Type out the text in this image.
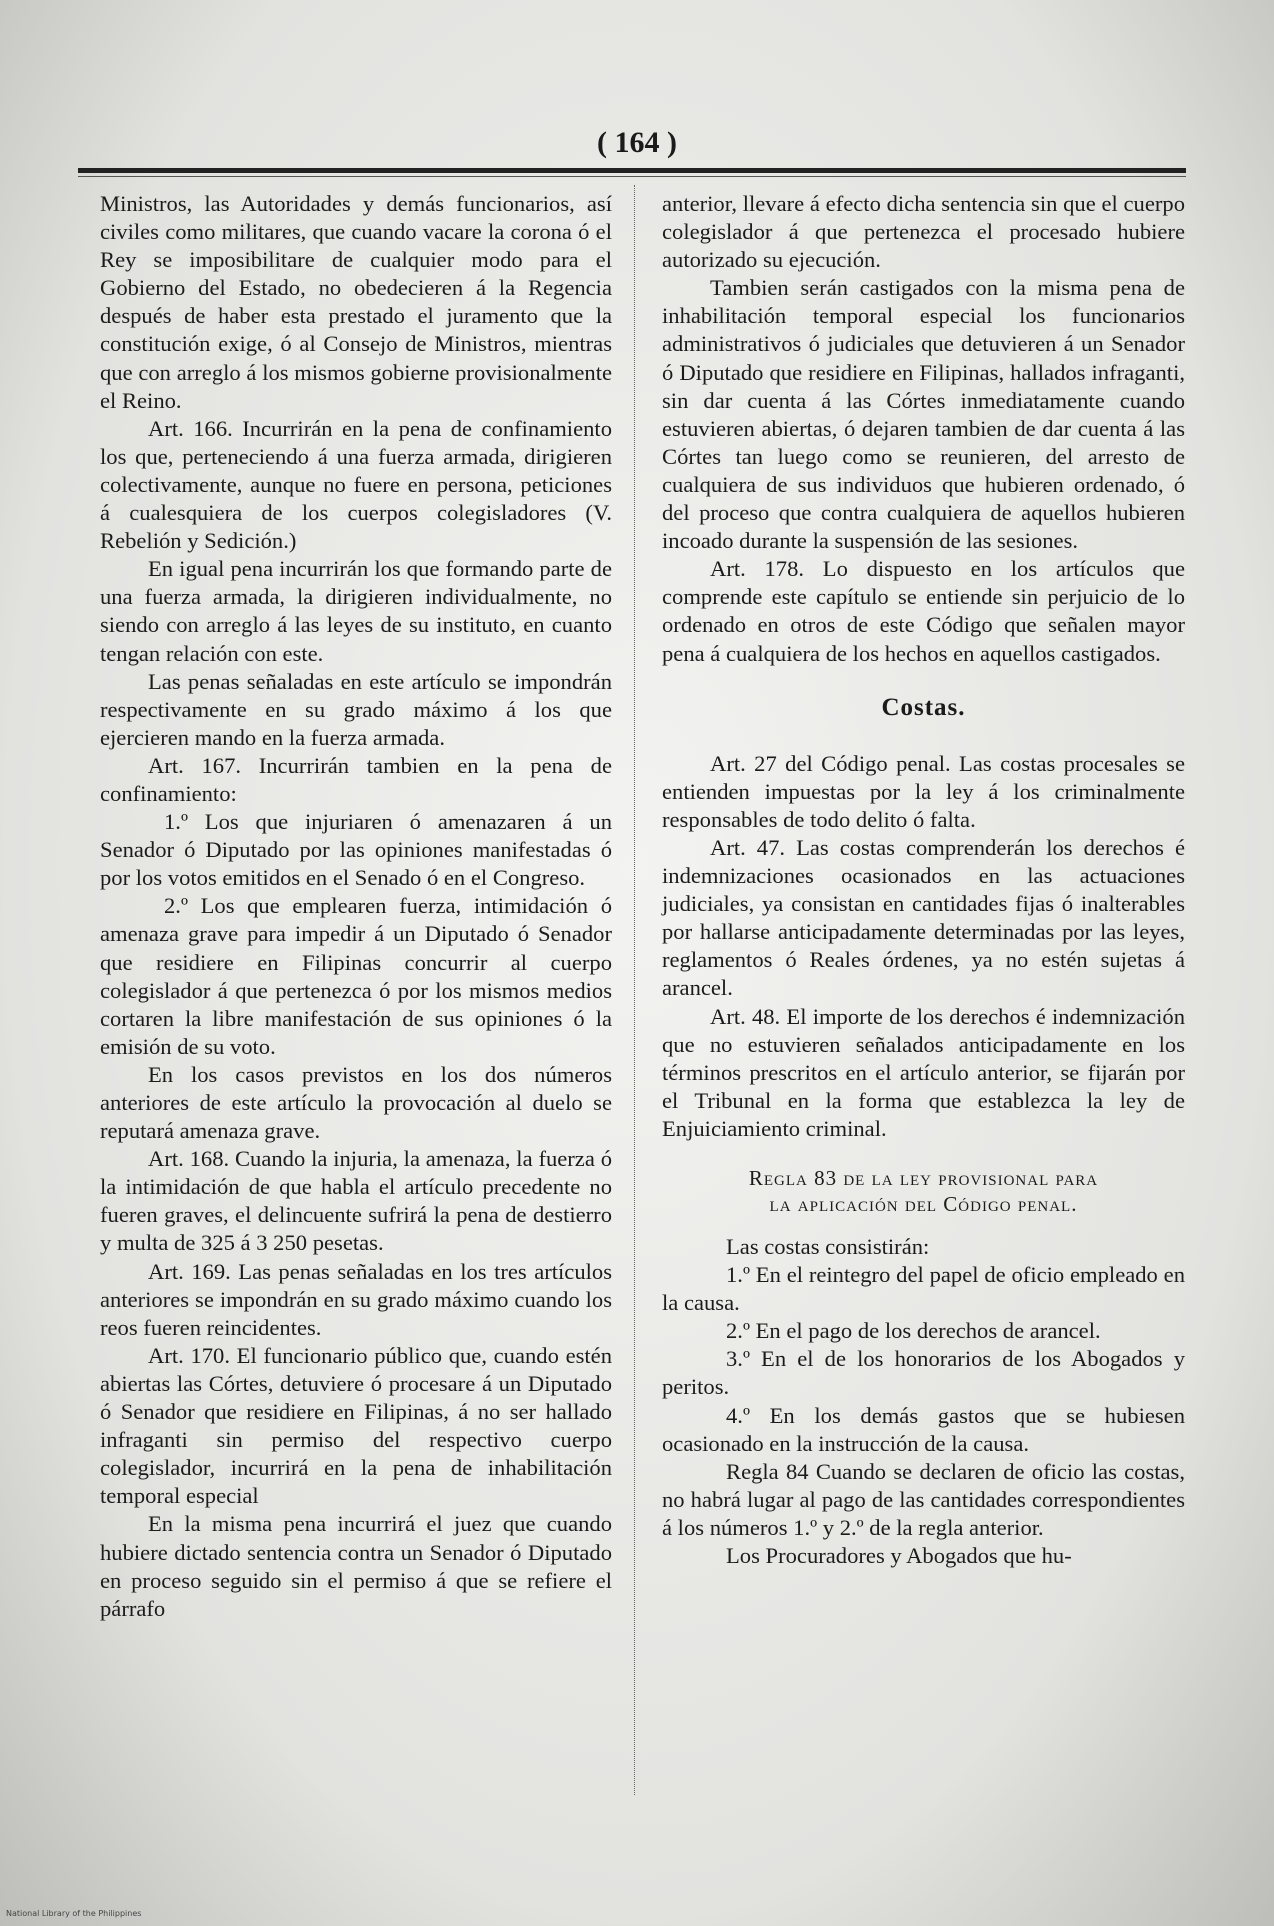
( 164 )

Ministros, las Autoridades y demás funcionarios, así civiles como militares, que cuando vacare la corona ó el Rey se imposibilitare de cualquier modo para el Gobierno del Estado, no obedecieren á la Regencia después de haber esta prestado el juramento que la constitución exige, ó al Consejo de Ministros, mientras que con arreglo á los mismos gobierne provisionalmente el Reino.

Art. 166. Incurrirán en la pena de confinamiento los que, perteneciendo á una fuerza armada, dirigieren colectivamente, aunque no fuere en persona, peticiones á cualesquiera de los cuerpos colegisladores (V. Rebelión y Sedición.)

En igual pena incurrirán los que formando parte de una fuerza armada, la dirigieren individualmente, no siendo con arreglo á las leyes de su instituto, en cuanto tengan relación con este.

Las penas señaladas en este artículo se impondrán respectivamente en su grado máximo á los que ejercieren mando en la fuerza armada.

Art. 167. Incurrirán tambien en la pena de confinamiento:

1.º Los que injuriaren ó amenazaren á un Senador ó Diputado por las opiniones manifestadas ó por los votos emitidos en el Senado ó en el Congreso.

2.º Los que emplearen fuerza, intimidación ó amenaza grave para impedir á un Diputado ó Senador que residiere en Filipinas concurrir al cuerpo colegislador á que pertenezca ó por los mismos medios cortaren la libre manifestación de sus opiniones ó la emisión de su voto.

En los casos previstos en los dos números anteriores de este artículo la provocación al duelo se reputará amenaza grave.

Art. 168. Cuando la injuria, la amenaza, la fuerza ó la intimidación de que habla el artículo precedente no fueren graves, el delincuente sufrirá la pena de destierro y multa de 325 á 3 250 pesetas.

Art. 169. Las penas señaladas en los tres artículos anteriores se impondrán en su grado máximo cuando los reos fueren reincidentes.

Art. 170. El funcionario público que, cuando estén abiertas las Córtes, detuviere ó procesare á un Diputado ó Senador que residiere en Filipinas, á no ser hallado infraganti sin permiso del respectivo cuerpo colegislador, incurrirá en la pena de inhabilitación temporal especial

En la misma pena incurrirá el juez que cuando hubiere dictado sentencia contra un Senador ó Diputado en proceso seguido sin el permiso á que se refiere el párrafo

anterior, llevare á efecto dicha sentencia sin que el cuerpo colegislador á que pertenezca el procesado hubiere autorizado su ejecución.

Tambien serán castigados con la misma pena de inhabilitación temporal especial los funcionarios administrativos ó judiciales que detuvieren á un Senador ó Diputado que residiere en Filipinas, hallados infraganti, sin dar cuenta á las Córtes inmediatamente cuando estuvieren abiertas, ó dejaren tambien de dar cuenta á las Córtes tan luego como se reunieren, del arresto de cualquiera de sus individuos que hubieren ordenado, ó del proceso que contra cualquiera de aquellos hubieren incoado durante la suspensión de las sesiones.

Art. 178. Lo dispuesto en los artículos que comprende este capítulo se entiende sin perjuicio de lo ordenado en otros de este Código que señalen mayor pena á cualquiera de los hechos en aquellos castigados.

Costas.

Art. 27 del Código penal. Las costas procesales se entienden impuestas por la ley á los criminalmente responsables de todo delito ó falta.

Art. 47. Las costas comprenderán los derechos é indemnizaciones ocasionados en las actuaciones judiciales, ya consistan en cantidades fijas ó inalterables por hallarse anticipadamente determinadas por las leyes, reglamentos ó Reales órdenes, ya no estén sujetas á arancel.

Art. 48. El importe de los derechos é indemnización que no estuvieren señalados anticipadamente en los términos prescritos en el artículo anterior, se fijarán por el Tribunal en la forma que establezca la ley de Enjuiciamiento criminal.

Regla 83 de la ley provisional para
la aplicación del Código penal.

Las costas consistirán:

1.º En el reintegro del papel de oficio empleado en la causa.

2.º En el pago de los derechos de arancel.

3.º En el de los honorarios de los Abogados y peritos.

4.º En los demás gastos que se hubiesen ocasionado en la instrucción de la causa.

Regla 84 Cuando se declaren de oficio las costas, no habrá lugar al pago de las cantidades correspondientes á los números 1.º y 2.º de la regla anterior.

Los Procuradores y Abogados que hu-

National Library of the Philippines
